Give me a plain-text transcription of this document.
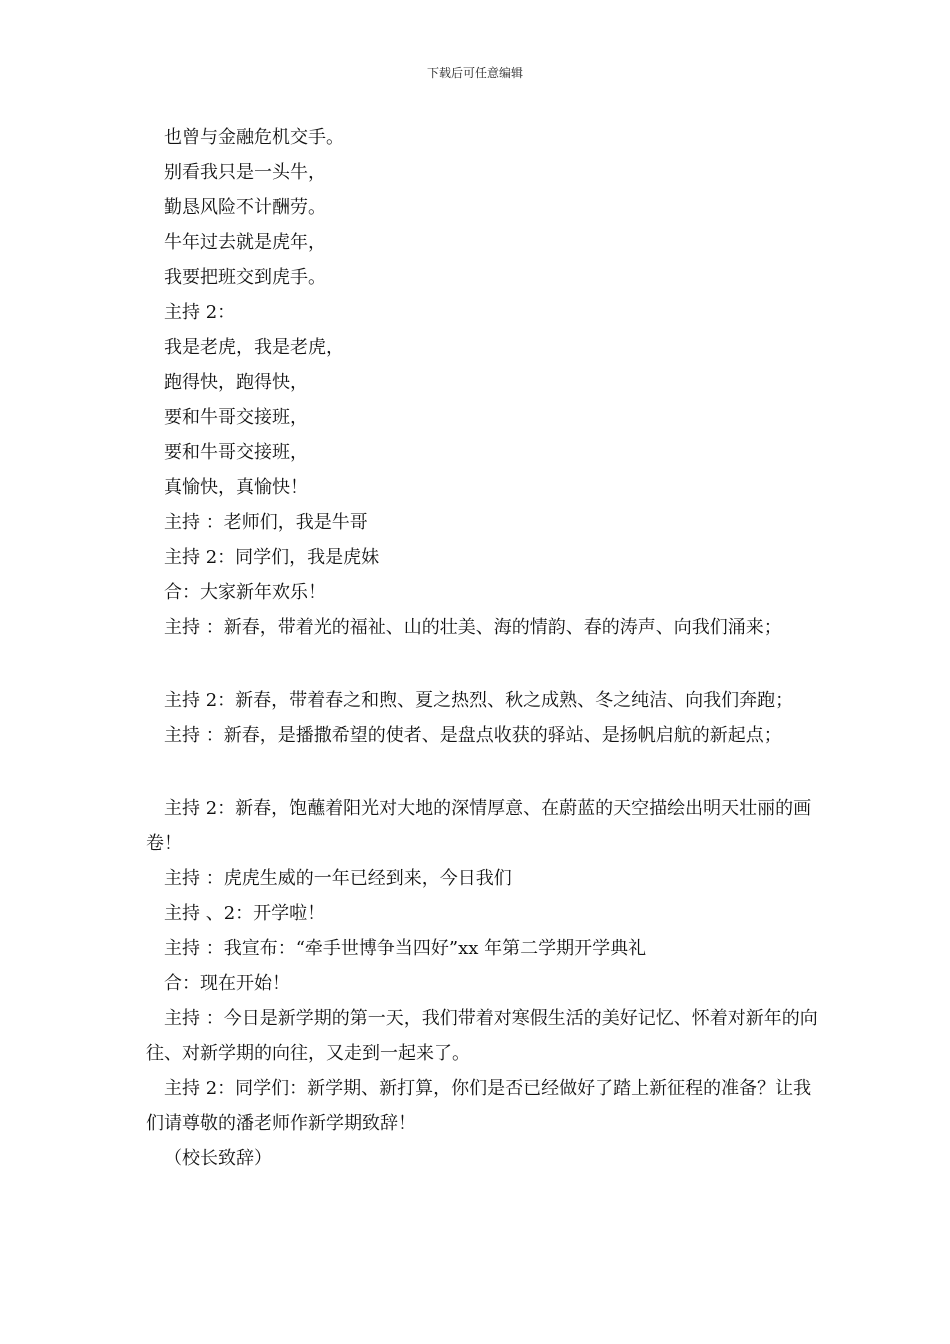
下载后可任意编辑
也曾与金融危机交手。
别看我只是一头牛，
勤恳风险不计酬劳。
牛年过去就是虎年，
我要把班交到虎手。
主持 2：
我是老虎，我是老虎，
跑得快，跑得快，
要和牛哥交接班，
要和牛哥交接班，
真愉快，真愉快！
主持 ：老师们，我是牛哥
主持 2：同学们，我是虎妹
合：大家新年欢乐！
主持 ：新春，带着光的福祉、山的壮美、海的情韵、春的涛声、向我们涌来；
主持 2：新春，带着春之和煦、夏之热烈、秋之成熟、冬之纯洁、向我们奔跑；
主持 ：新春，是播撒希望的使者、是盘点收获的驿站、是扬帆启航的新起点；
主持 2：新春，饱蘸着阳光对大地的深情厚意、在蔚蓝的天空描绘出明天壮丽的画卷！
主持 ：虎虎生威的一年已经到来，今日我们
主持 、2：开学啦！
主持 ：我宣布：“牵手世博争当四好”xx 年第二学期开学典礼
合：现在开始！
主持 ：今日是新学期的第一天，我们带着对寒假生活的美好记忆、怀着对新年的向往、对新学期的向往，又走到一起来了。
主持 2：同学们：新学期、新打算，你们是否已经做好了踏上新征程的准备？让我们请尊敬的潘老师作新学期致辞！
（校长致辞）
